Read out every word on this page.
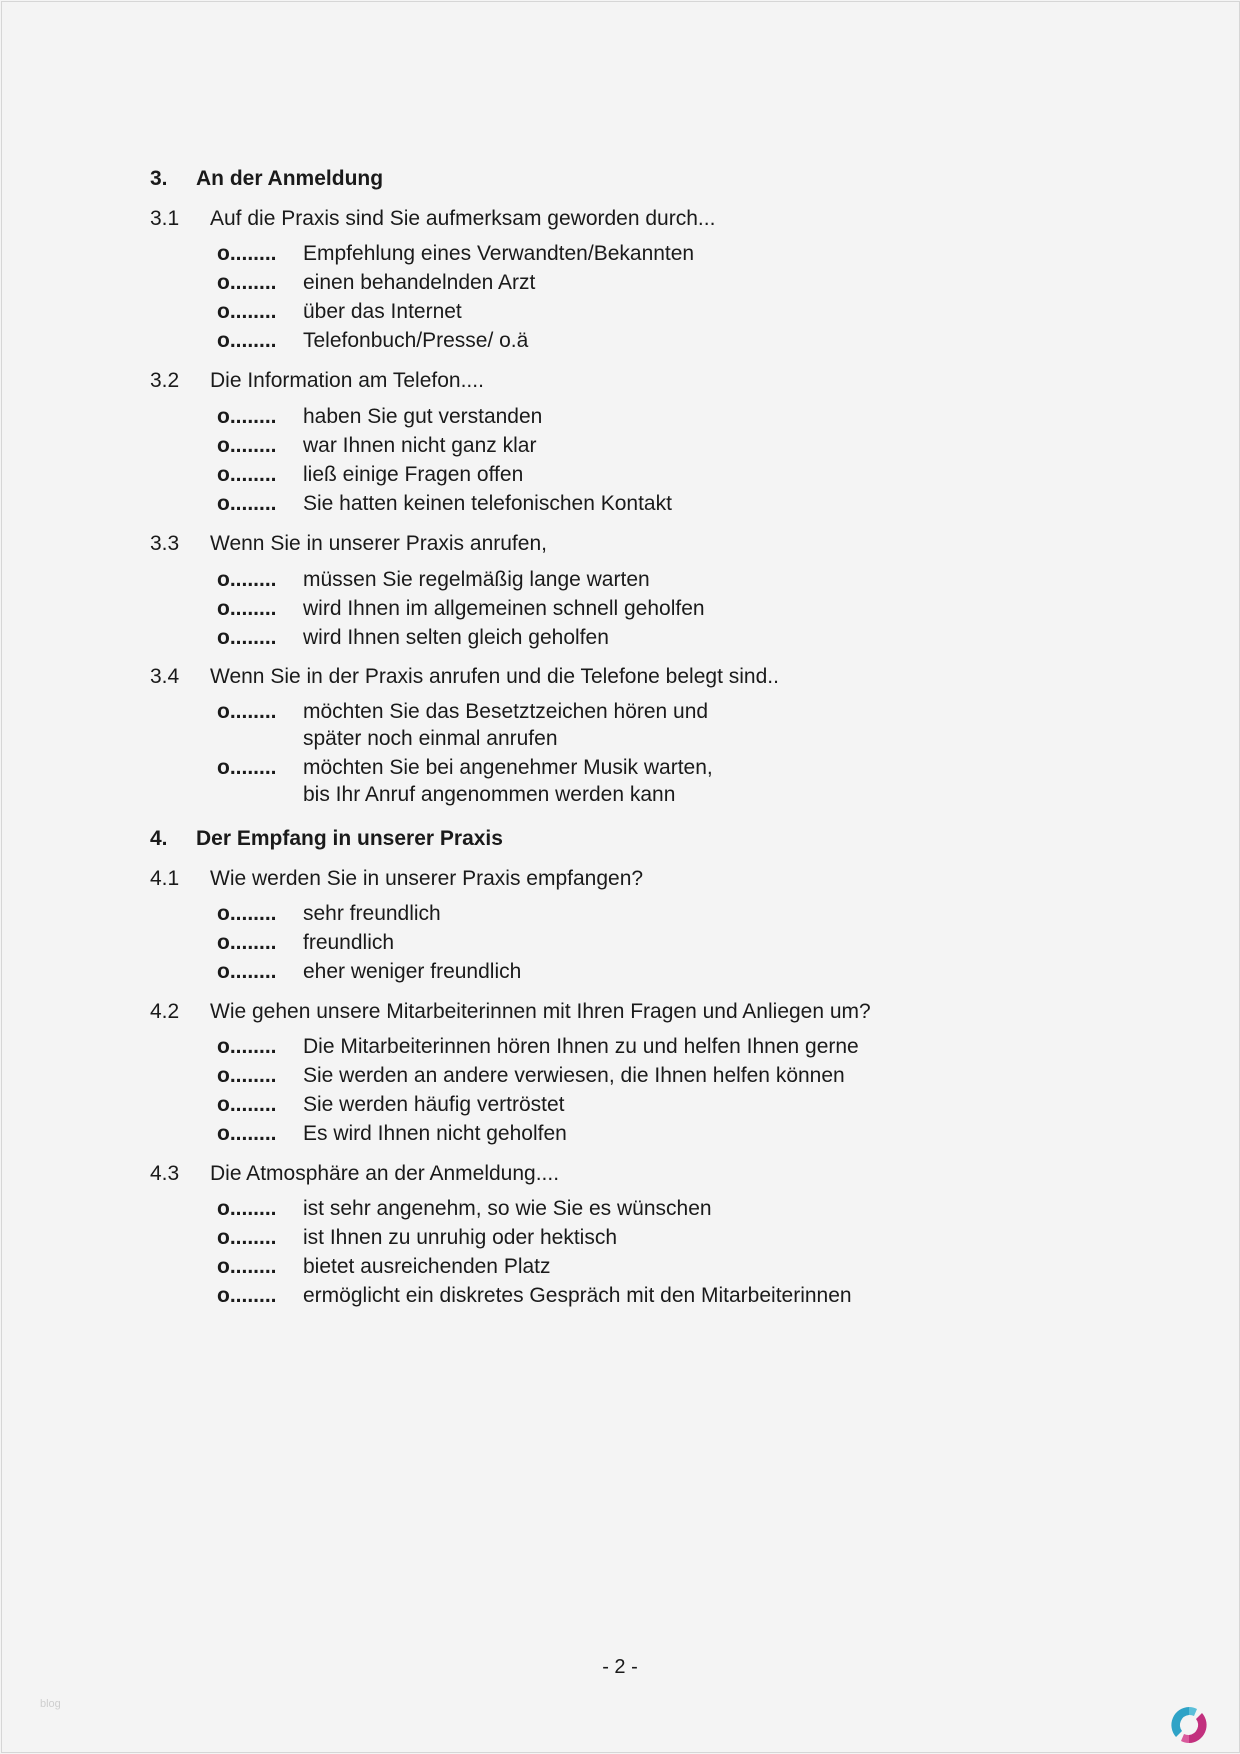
3. An der Anmeldung
3.1 Auf die Praxis sind Sie aufmerksam geworden durch...
o........ Empfehlung eines Verwandten/Bekannten
o........ einen behandelnden Arzt
o........ über das Internet
o........ Telefonbuch/Presse/ o.ä
3.2 Die Information am Telefon....
o........ haben Sie gut verstanden
o........ war Ihnen nicht ganz klar
o........ ließ einige Fragen offen
o........ Sie hatten keinen telefonischen Kontakt
3.3 Wenn Sie in unserer Praxis anrufen,
o........ müssen Sie regelmäßig lange warten
o........ wird Ihnen im allgemeinen schnell geholfen
o........ wird Ihnen selten gleich geholfen
3.4 Wenn Sie in der Praxis anrufen und die Telefone belegt sind..
o........ möchten Sie das Besetztzeichen hören und
später noch einmal anrufen
o........ möchten Sie bei angenehmer Musik warten,
bis Ihr Anruf angenommen werden kann
4. Der Empfang in unserer Praxis
4.1 Wie werden Sie in unserer Praxis empfangen?
o........ sehr freundlich
o........ freundlich
o........ eher weniger freundlich
4.2 Wie gehen unsere Mitarbeiterinnen mit Ihren Fragen und Anliegen um?
o........ Die Mitarbeiterinnen hören Ihnen zu und helfen Ihnen gerne
o........ Sie werden an andere verwiesen, die Ihnen helfen können
o........ Sie werden häufig vertröstet
o........ Es wird Ihnen nicht geholfen
4.3 Die Atmosphäre an der Anmeldung....
o........ ist sehr angenehm, so wie Sie es wünschen
o........ ist Ihnen zu unruhig oder hektisch
o........ bietet ausreichenden Platz
o........ ermöglicht ein diskretes Gespräch mit den Mitarbeiterinnen
- 2 -
blog
